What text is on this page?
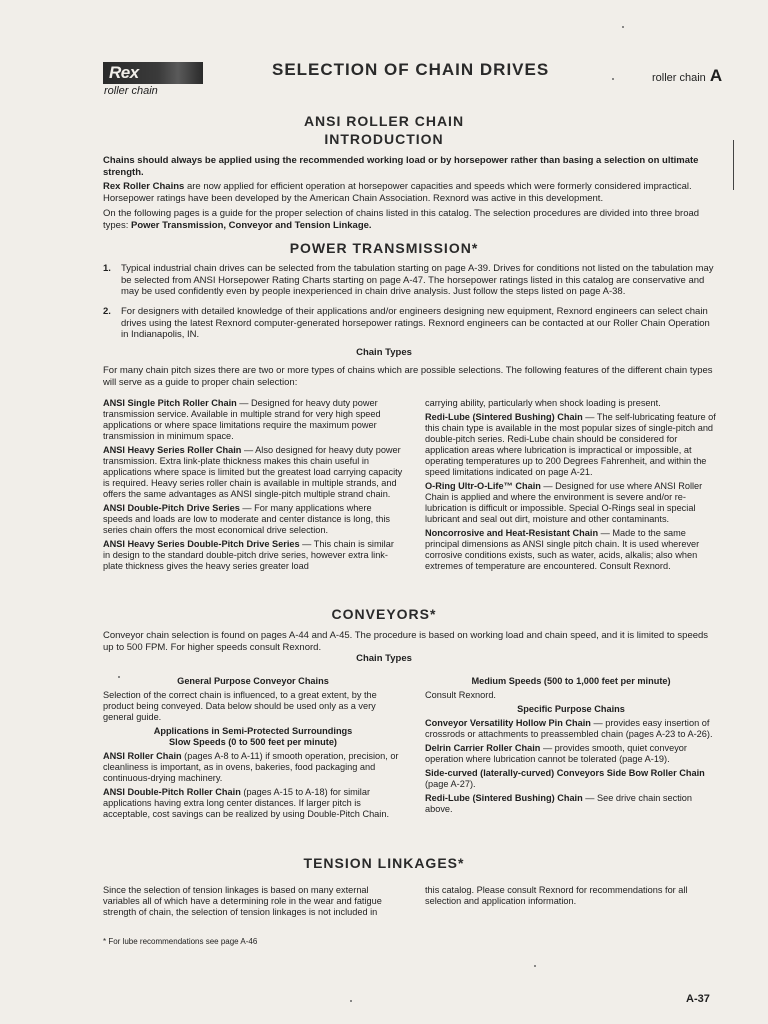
Rex
roller chain
SELECTION OF CHAIN DRIVES	roller chain A
ANSI ROLLER CHAIN
INTRODUCTION
Chains should always be applied using the recommended working load or by horsepower rather than basing a selection on ultimate strength.
Rex Roller Chains are now applied for efficient operation at horsepower capacities and speeds which were formerly considered impractical. Horsepower ratings have been developed by the American Chain Association. Rexnord was active in this development.
On the following pages is a guide for the proper selection of chains listed in this catalog. The selection procedures are divided into three broad types: Power Transmission, Conveyor and Tension Linkage.
POWER TRANSMISSION*
1. Typical industrial chain drives can be selected from the tabulation starting on page A-39. Drives for conditions not listed on the tabulation may be selected from ANSI Horsepower Rating Charts starting on page A-47. The horsepower ratings listed in this catalog are conservative and may be used confidently even by people inexperienced in chain drive analysis. Just follow the steps listed on page A-38.
2. For designers with detailed knowledge of their applications and/or engineers designing new equipment, Rexnord engineers can select chain drives using the latest Rexnord computer-generated horsepower ratings. Rexnord engineers can be contacted at our Roller Chain Operation in Indianapolis, IN.
Chain Types
For many chain pitch sizes there are two or more types of chains which are possible selections. The following features of the different chain types will serve as a guide to proper chain selection:

ANSI Single Pitch Roller Chain — Designed for heavy duty power transmission service. Available in multiple strand for very high speed applications or where space limitations require the maximum power transmission in minimum space.

ANSI Heavy Series Roller Chain — Also designed for heavy duty power transmission. Extra link-plate thickness makes this chain useful in applications where space is limited but the greatest load carrying capacity is required. Heavy series roller chain is available in multiple strands, and offers the same advantages as ANSI single-pitch multiple strand chain.

ANSI Double-Pitch Drive Series — For many applications where speeds and loads are low to moderate and center distance is long, this series chain offers the most economical drive selection.

ANSI Heavy Series Double-Pitch Drive Series — This chain is similar in design to the standard double-pitch drive series, however extra link-plate thickness gives the heavy series greater load

carrying ability, particularly when shock loading is present.

Redi-Lube (Sintered Bushing) Chain — The self-lubricating feature of this chain type is available in the most popular sizes of single-pitch and double-pitch series. Redi-Lube chain should be considered for application areas where lubrication is impractical or impossible, at operating temperatures up to 200 Degrees Fahrenheit, and within the speed limitations indicated on page A-21.

O-Ring Ultr-O-Life™ Chain — Designed for use where ANSI Roller Chain is applied and where the environment is severe and/or re-lubrication is difficult or impossible. Special O-Rings seal in special lubricant and seal out dirt, moisture and other contaminants.

Noncorrosive and Heat-Resistant Chain — Made to the same principal dimensions as ANSI single pitch chain. It is used wherever corrosive conditions exists, such as water, acids, alkalis; also when extremes of temperature are encountered. Consult Rexnord.

CONVEYORS*
Conveyor chain selection is found on pages A-44 and A-45. The procedure is based on working load and chain speed, and it is limited to speeds up to 500 FPM. For higher speeds consult Rexnord.
Chain Types

General Purpose Conveyor Chains

Selection of the correct chain is influenced, to a great extent, by the product being conveyed. Data below should be used only as a very general guide.

Applications in Semi-Protected Surroundings

Slow Speeds (0 to 500 feet per minute)

ANSI Roller Chain (pages A-8 to A-11) if smooth operation, precision, or cleanliness is important, as in ovens, bakeries, food packaging and continuous-drying machinery.

ANSI Double-Pitch Roller Chain (pages A-15 to A-18) for similar applications having extra long center distances. If larger pitch is acceptable, cost savings can be realized by using Double-Pitch Chain.

Medium Speeds (500 to 1,000 feet per minute)

Consult Rexnord.

Specific Purpose Chains

Conveyor Versatility Hollow Pin Chain — provides easy insertion of crossrods or attachments to preassembled chain (pages A-23 to A-26).

Delrin Carrier Roller Chain — provides smooth, quiet conveyor operation where lubrication cannot be tolerated (page A-19).

Side-curved (laterally-curved) Conveyors Side Bow Roller Chain (page A-27).

Redi-Lube (Sintered Bushing) Chain — See drive chain section above.

TENSION LINKAGES*
Since the selection of tension linkages is based on many external variables all of which have a determining role in the wear and fatigue strength of chain, the selection of tension linkages is not included in
this catalog. Please consult Rexnord for recommendations for all selection and application information.
* For lube recommendations see page A-46
A-37
